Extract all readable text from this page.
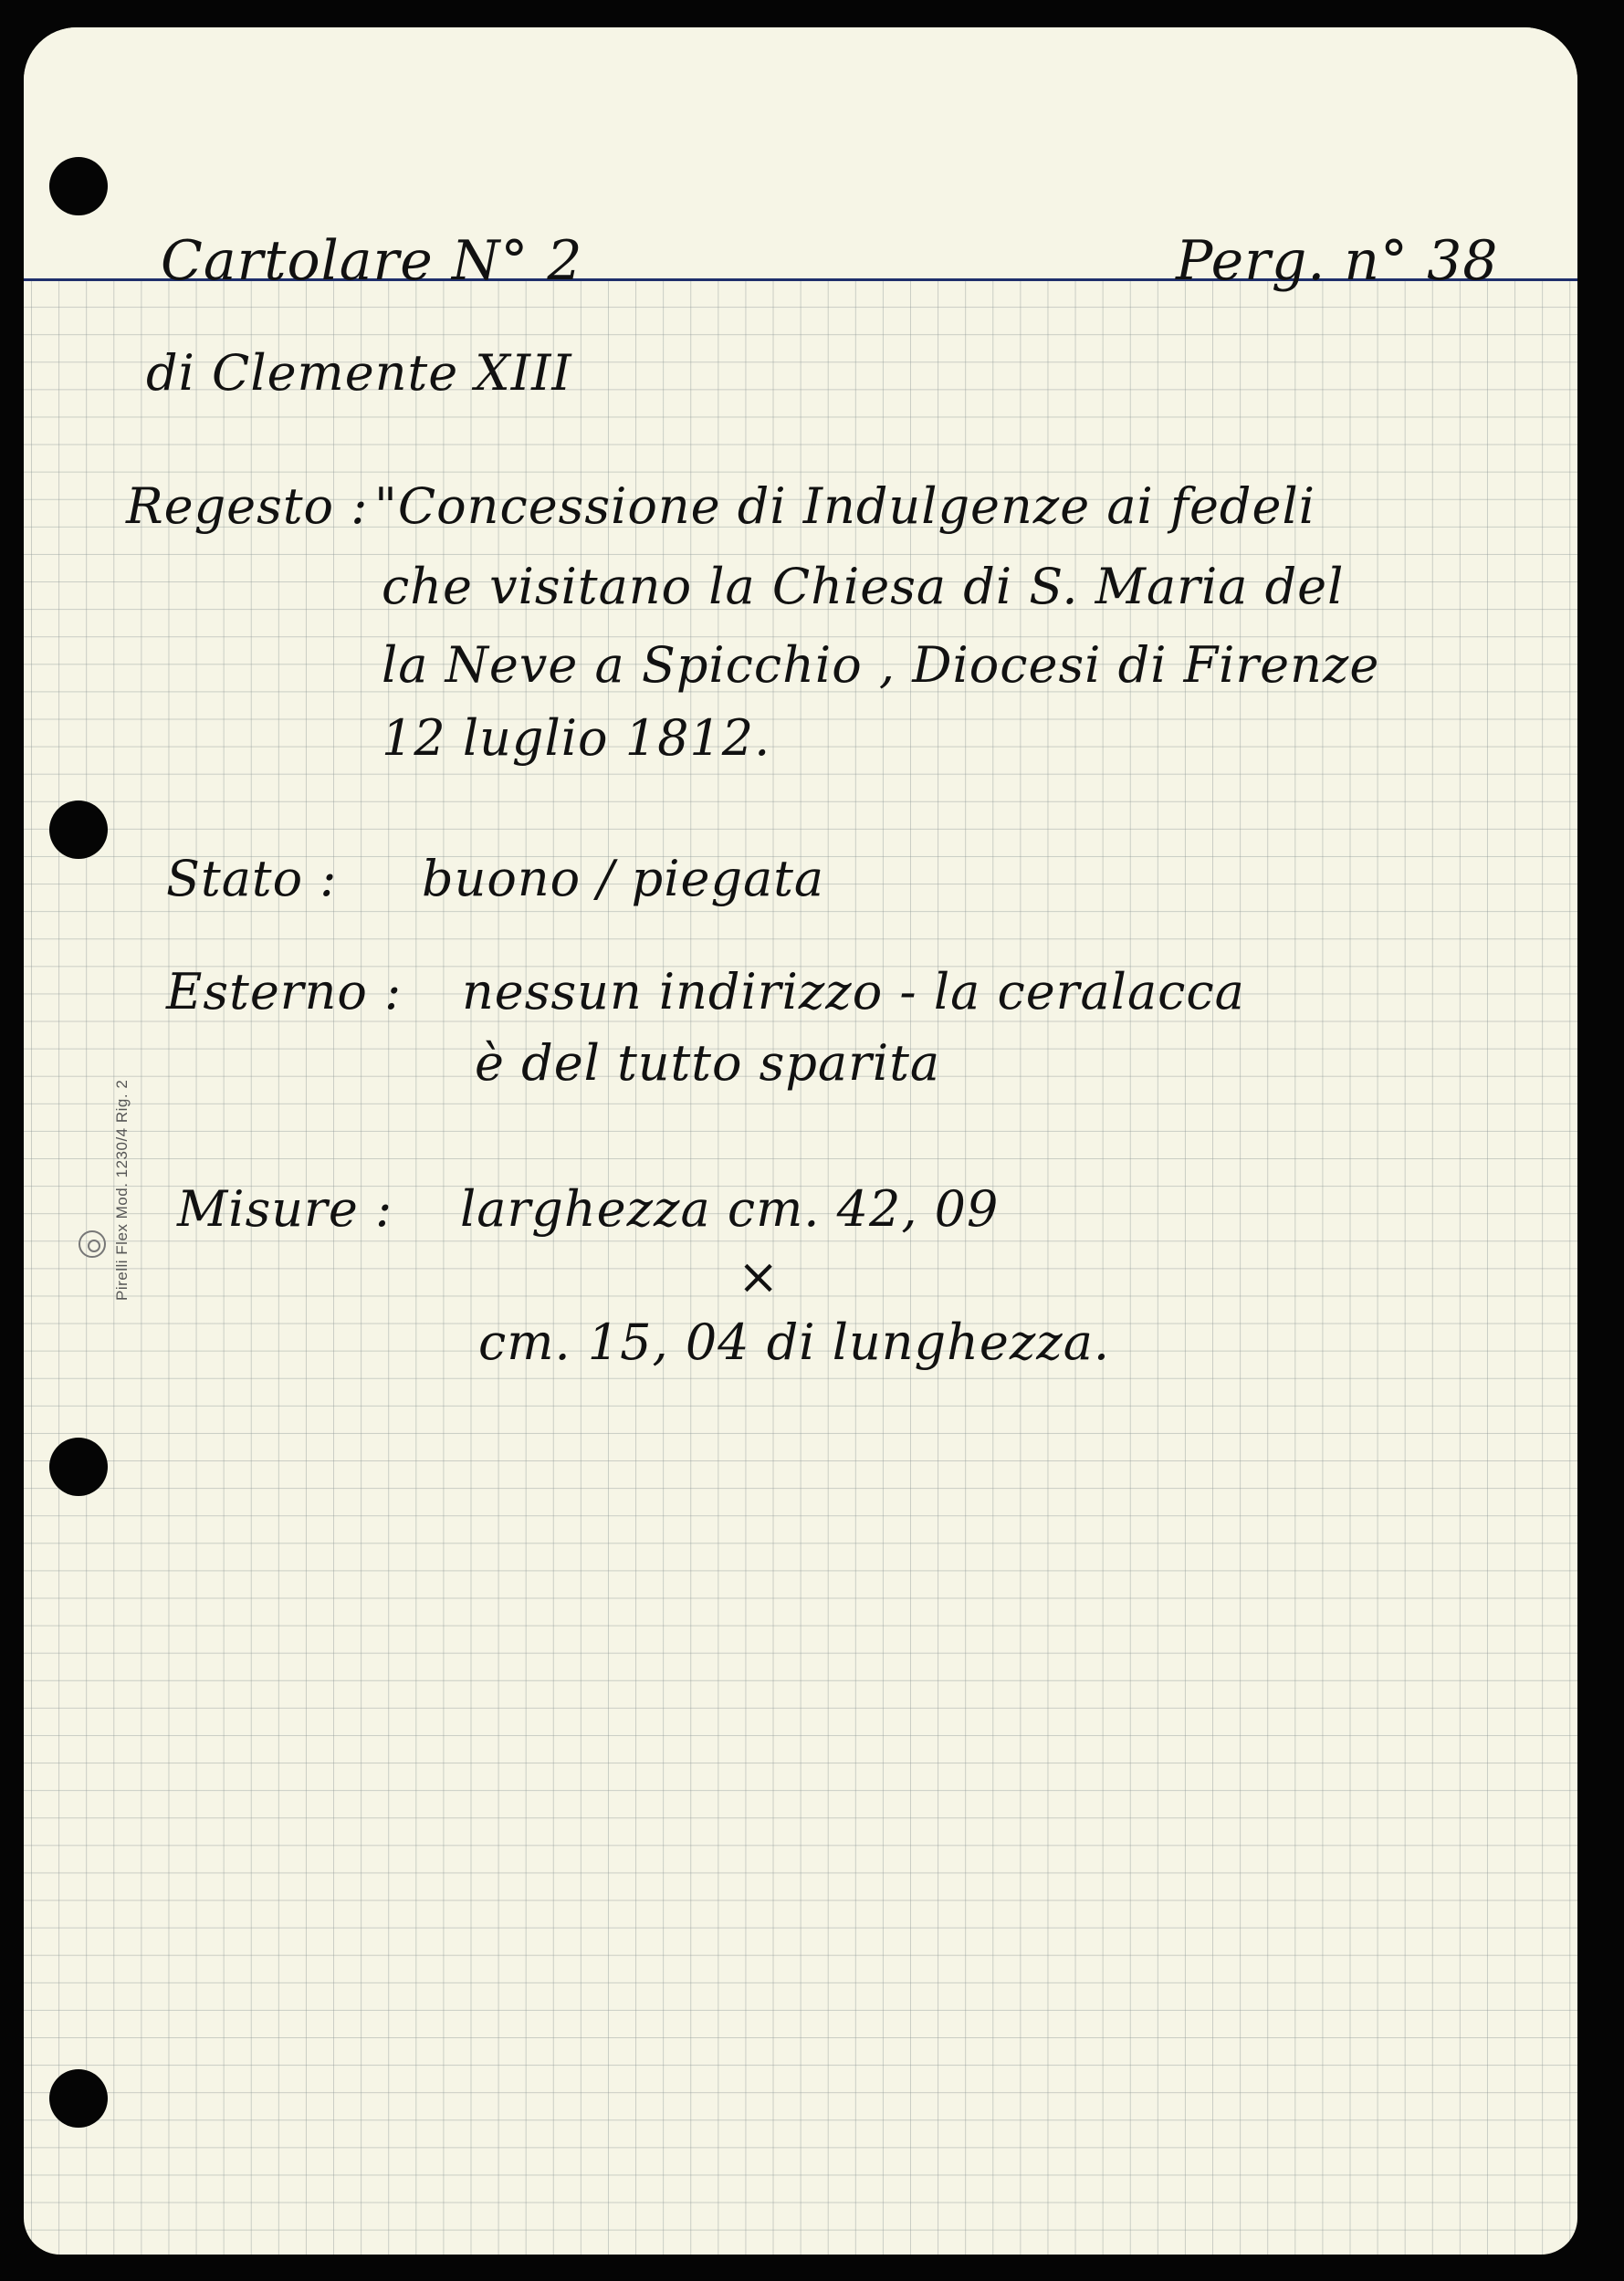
Cartolare N° 2	Perg. n° 38
di Clemente XIII
Regesto : "Concessione di Indulgenze ai fedeli
che visitano la Chiesa di S. Maria del
la Neve a Spicchio , Diocesi di Firenze
12 luglio 1812.
Stato : buono / piegata
Esterno : nessun indirizzo - la ceralacca
è del tutto sparita
Misure : larghezza cm. 42, 09
×
cm. 15, 04 di lunghezza.
Pirelli Flex Mod. 1230/4 Rig. 2
